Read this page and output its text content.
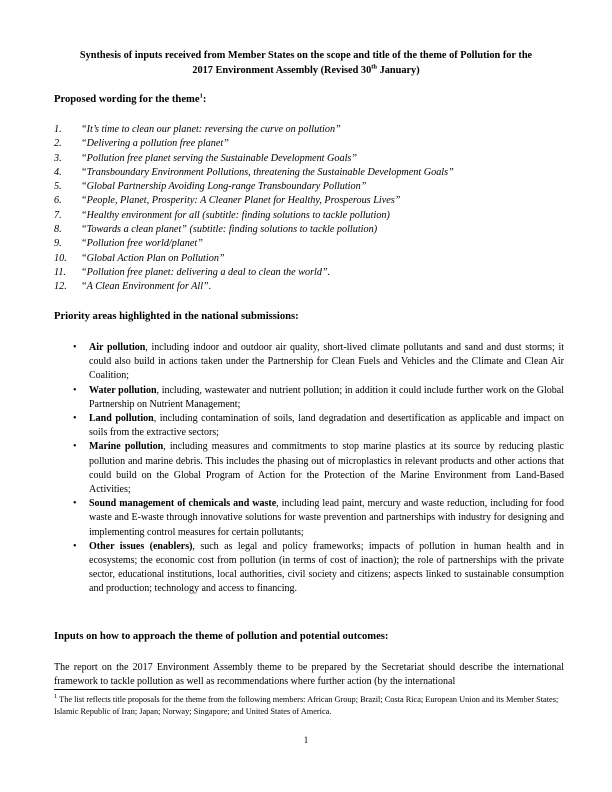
Synthesis of inputs received from Member States on the scope and title of the theme of Pollution for the
2017 Environment Assembly (Revised 30th January)
Proposed wording for the theme$^1$:
1. “It’s time to clean our planet: reversing the curve on pollution”
2. “Delivering a pollution free planet”
3. “Pollution free planet serving the Sustainable Development Goals”
4. “Transboundary Environment Pollutions, threatening the Sustainable Development Goals”
5. “Global Partnership Avoiding Long-range Transboundary Pollution”
6. “People, Planet, Prosperity: A Cleaner Planet for Healthy, Prosperous Lives”
7. “Healthy environment for all (subtitle: finding solutions to tackle pollution)
8. “Towards a clean planet” (subtitle: finding solutions to tackle pollution)
9. “Pollution free world/planet”
10. “Global Action Plan on Pollution”
11. “Pollution free planet: delivering a deal to clean the world”.
12. “A Clean Environment for All”.
Priority areas highlighted in the national submissions:
• Air pollution, including indoor and outdoor air quality, short-lived climate pollutants and sand and dust storms; it could also build in actions taken under the Partnership for Clean Fuels and Vehicles and the Climate and Clean Air Coalition;
• Water pollution, including, wastewater and nutrient pollution; in addition it could include further work on the Global Partnership on Nutrient Management;
• Land pollution, including contamination of soils, land degradation and desertification as applicable and impact on soils from the extractive sectors;
• Marine pollution, including measures and commitments to stop marine plastics at its source by reducing plastic pollution and marine debris. This includes the phasing out of microplastics in relevant products and other actions that could build on the Global Program of Action for the Protection of the Marine Environment from Land-Based Activities;
• Sound management of chemicals and waste, including lead paint, mercury and waste reduction, including for food waste and E-waste through innovative solutions for waste prevention and partnerships with industry for designing and implementing control measures for certain pollutants;
• Other issues (enablers), such as legal and policy frameworks; impacts of pollution in human health and in ecosystems; the economic cost from pollution (in terms of cost of inaction); the role of partnerships with the private sector, educational institutions, local authorities, civil society and citizens; aspects linked to sustainable consumption and production; technology and access to financing.
Inputs on how to approach the theme of pollution and potential outcomes:
The report on the 2017 Environment Assembly theme to be prepared by the Secretariat should describe the international framework to tackle pollution as well as recommendations where further action (by the international
$^1$ The list reflects title proposals for the theme from the following members: African Group; Brazil; Costa Rica; European Union and its Member States; Islamic Republic of Iran; Japan; Norway; Singapore; and United States of America.
1
